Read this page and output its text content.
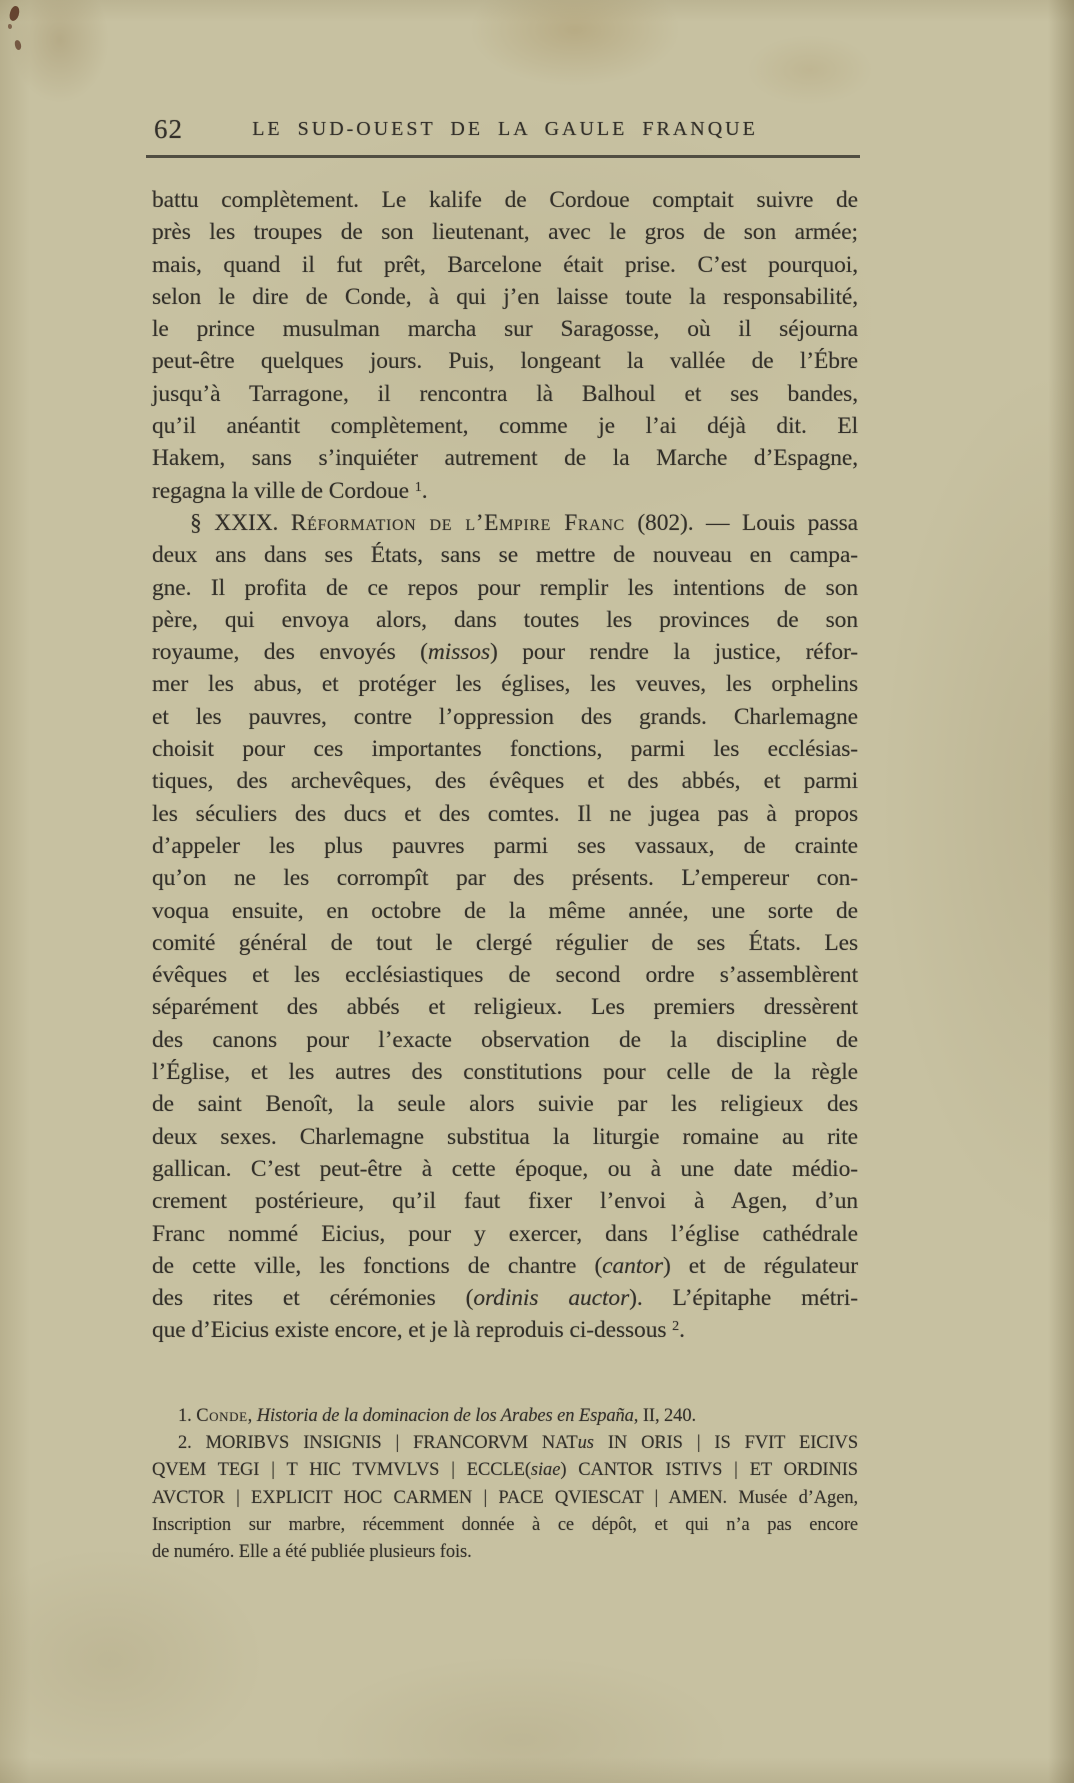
62	LE SUD-OUEST DE LA GAULE FRANQUE
battu complètement. Le kalife de Cordoue comptait suivre de
près les troupes de son lieutenant, avec le gros de son armée;
mais, quand il fut prêt, Barcelone était prise. C’est pourquoi,
selon le dire de Conde, à qui j’en laisse toute la responsabilité,
le prince musulman marcha sur Saragosse, où il séjourna
peut-être quelques jours. Puis, longeant la vallée de l’Ébre
jusqu’à Tarragone, il rencontra là Balhoul et ses bandes,
qu’il anéantit complètement, comme je l’ai déjà dit. El
Hakem, sans s’inquiéter autrement de la Marche d’Espagne,
regagna la ville de Cordoue $^1$.
§ XXIX. Réformation de l’Empire Franc (802). — Louis passa
deux ans dans ses États, sans se mettre de nouveau en campa-
gne. Il profita de ce repos pour remplir les intentions de son
père, qui envoya alors, dans toutes les provinces de son
royaume, des envoyés (missos) pour rendre la justice, réfor-
mer les abus, et protéger les églises, les veuves, les orphelins
et les pauvres, contre l’oppression des grands. Charlemagne
choisit pour ces importantes fonctions, parmi les ecclésias-
tiques, des archevêques, des évêques et des abbés, et parmi
les séculiers des ducs et des comtes. Il ne jugea pas à propos
d’appeler les plus pauvres parmi ses vassaux, de crainte
qu’on ne les corrompît par des présents. L’empereur con-
voqua ensuite, en octobre de la même année, une sorte de
comité général de tout le clergé régulier de ses États. Les
évêques et les ecclésiastiques de second ordre s’assemblèrent
séparément des abbés et religieux. Les premiers dressèrent
des canons pour l’exacte observation de la discipline de
l’Église, et les autres des constitutions pour celle de la règle
de saint Benoît, la seule alors suivie par les religieux des
deux sexes. Charlemagne substitua la liturgie romaine au rite
gallican. C’est peut-être à cette époque, ou à une date médio-
crement postérieure, qu’il faut fixer l’envoi à Agen, d’un
Franc nommé Eicius, pour y exercer, dans l’église cathédrale
de cette ville, les fonctions de chantre (cantor) et de régulateur
des rites et cérémonies (ordinis auctor). L’épitaphe métri-
que d’Eicius existe encore, et je là reproduis ci-dessous $^2$.
1. Conde, Historia de la dominacion de los Arabes en España, II, 240.
2. MORIBVS INSIGNIS | FRANCORVM NATus IN ORIS | IS FVIT EICIVS
QVEM TEGI | T HIC TVMVLVS | ECCLE(siae) CANTOR ISTIVS | ET ORDINIS
AVCTOR | EXPLICIT HOC CARMEN | PACE QVIESCAT | AMEN. Musée d’Agen,
Inscription sur marbre, récemment donnée à ce dépôt, et qui n’a pas encore
de numéro. Elle a été publiée plusieurs fois.
